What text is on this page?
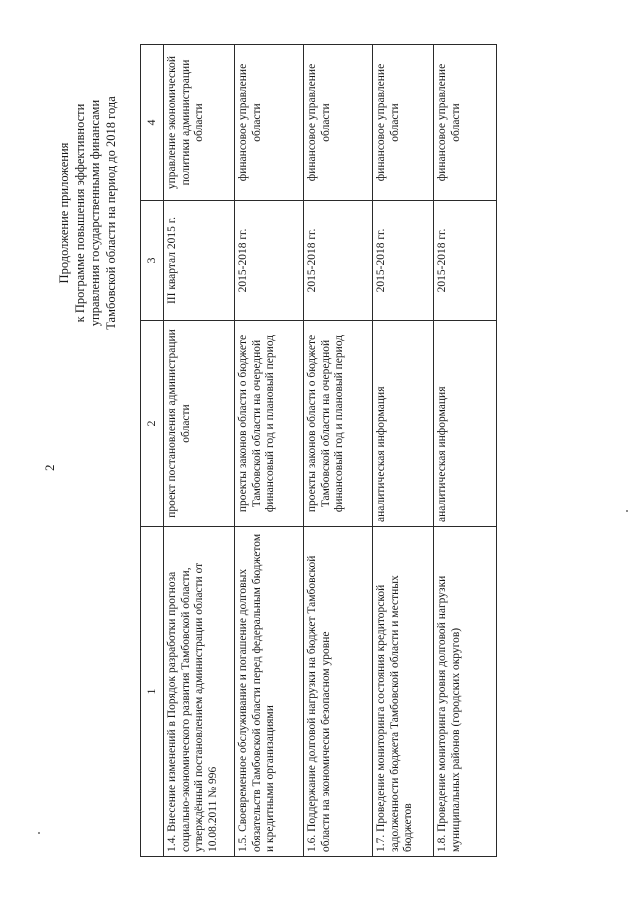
2
Продолжение приложения к Программе повышения эффективности управления государственными финансами Тамбовской области на период до 2018 года
1	2	3	4
1.4. Внесение изменений в Порядок разработки прогноза социально-экономического развития Тамбовской области, утверждённый постановлением администрации области от 10.08.2011 № 996	проект постановления администрации области	III квартал 2015 г.	управление экономической политики администрации области
1.5. Своевременное обслуживание и погашение долговых обязательств Тамбовской области перед федеральным бюджетом и кредитными организациями	проекты законов области о бюджете Тамбовской области на очередной финансовый год и плановый период	2015-2018 гг.	финансовое управление области
1.6. Поддержание долговой нагрузки на бюджет Тамбовской области на экономически безопасном уровне	проекты законов области о бюджете Тамбовской области на очередной финансовый год и плановый период	2015-2018 гг.	финансовое управление области
1.7. Проведение мониторинга состояния кредиторской задолженности бюджета Тамбовской области и местных бюджетов	аналитическая информация	2015-2018 гг.	финансовое управление области
1.8. Проведение мониторинга уровня долговой нагрузки муниципальных районов (городских округов)	аналитическая информация	2015-2018 гг.	финансовое управление области
